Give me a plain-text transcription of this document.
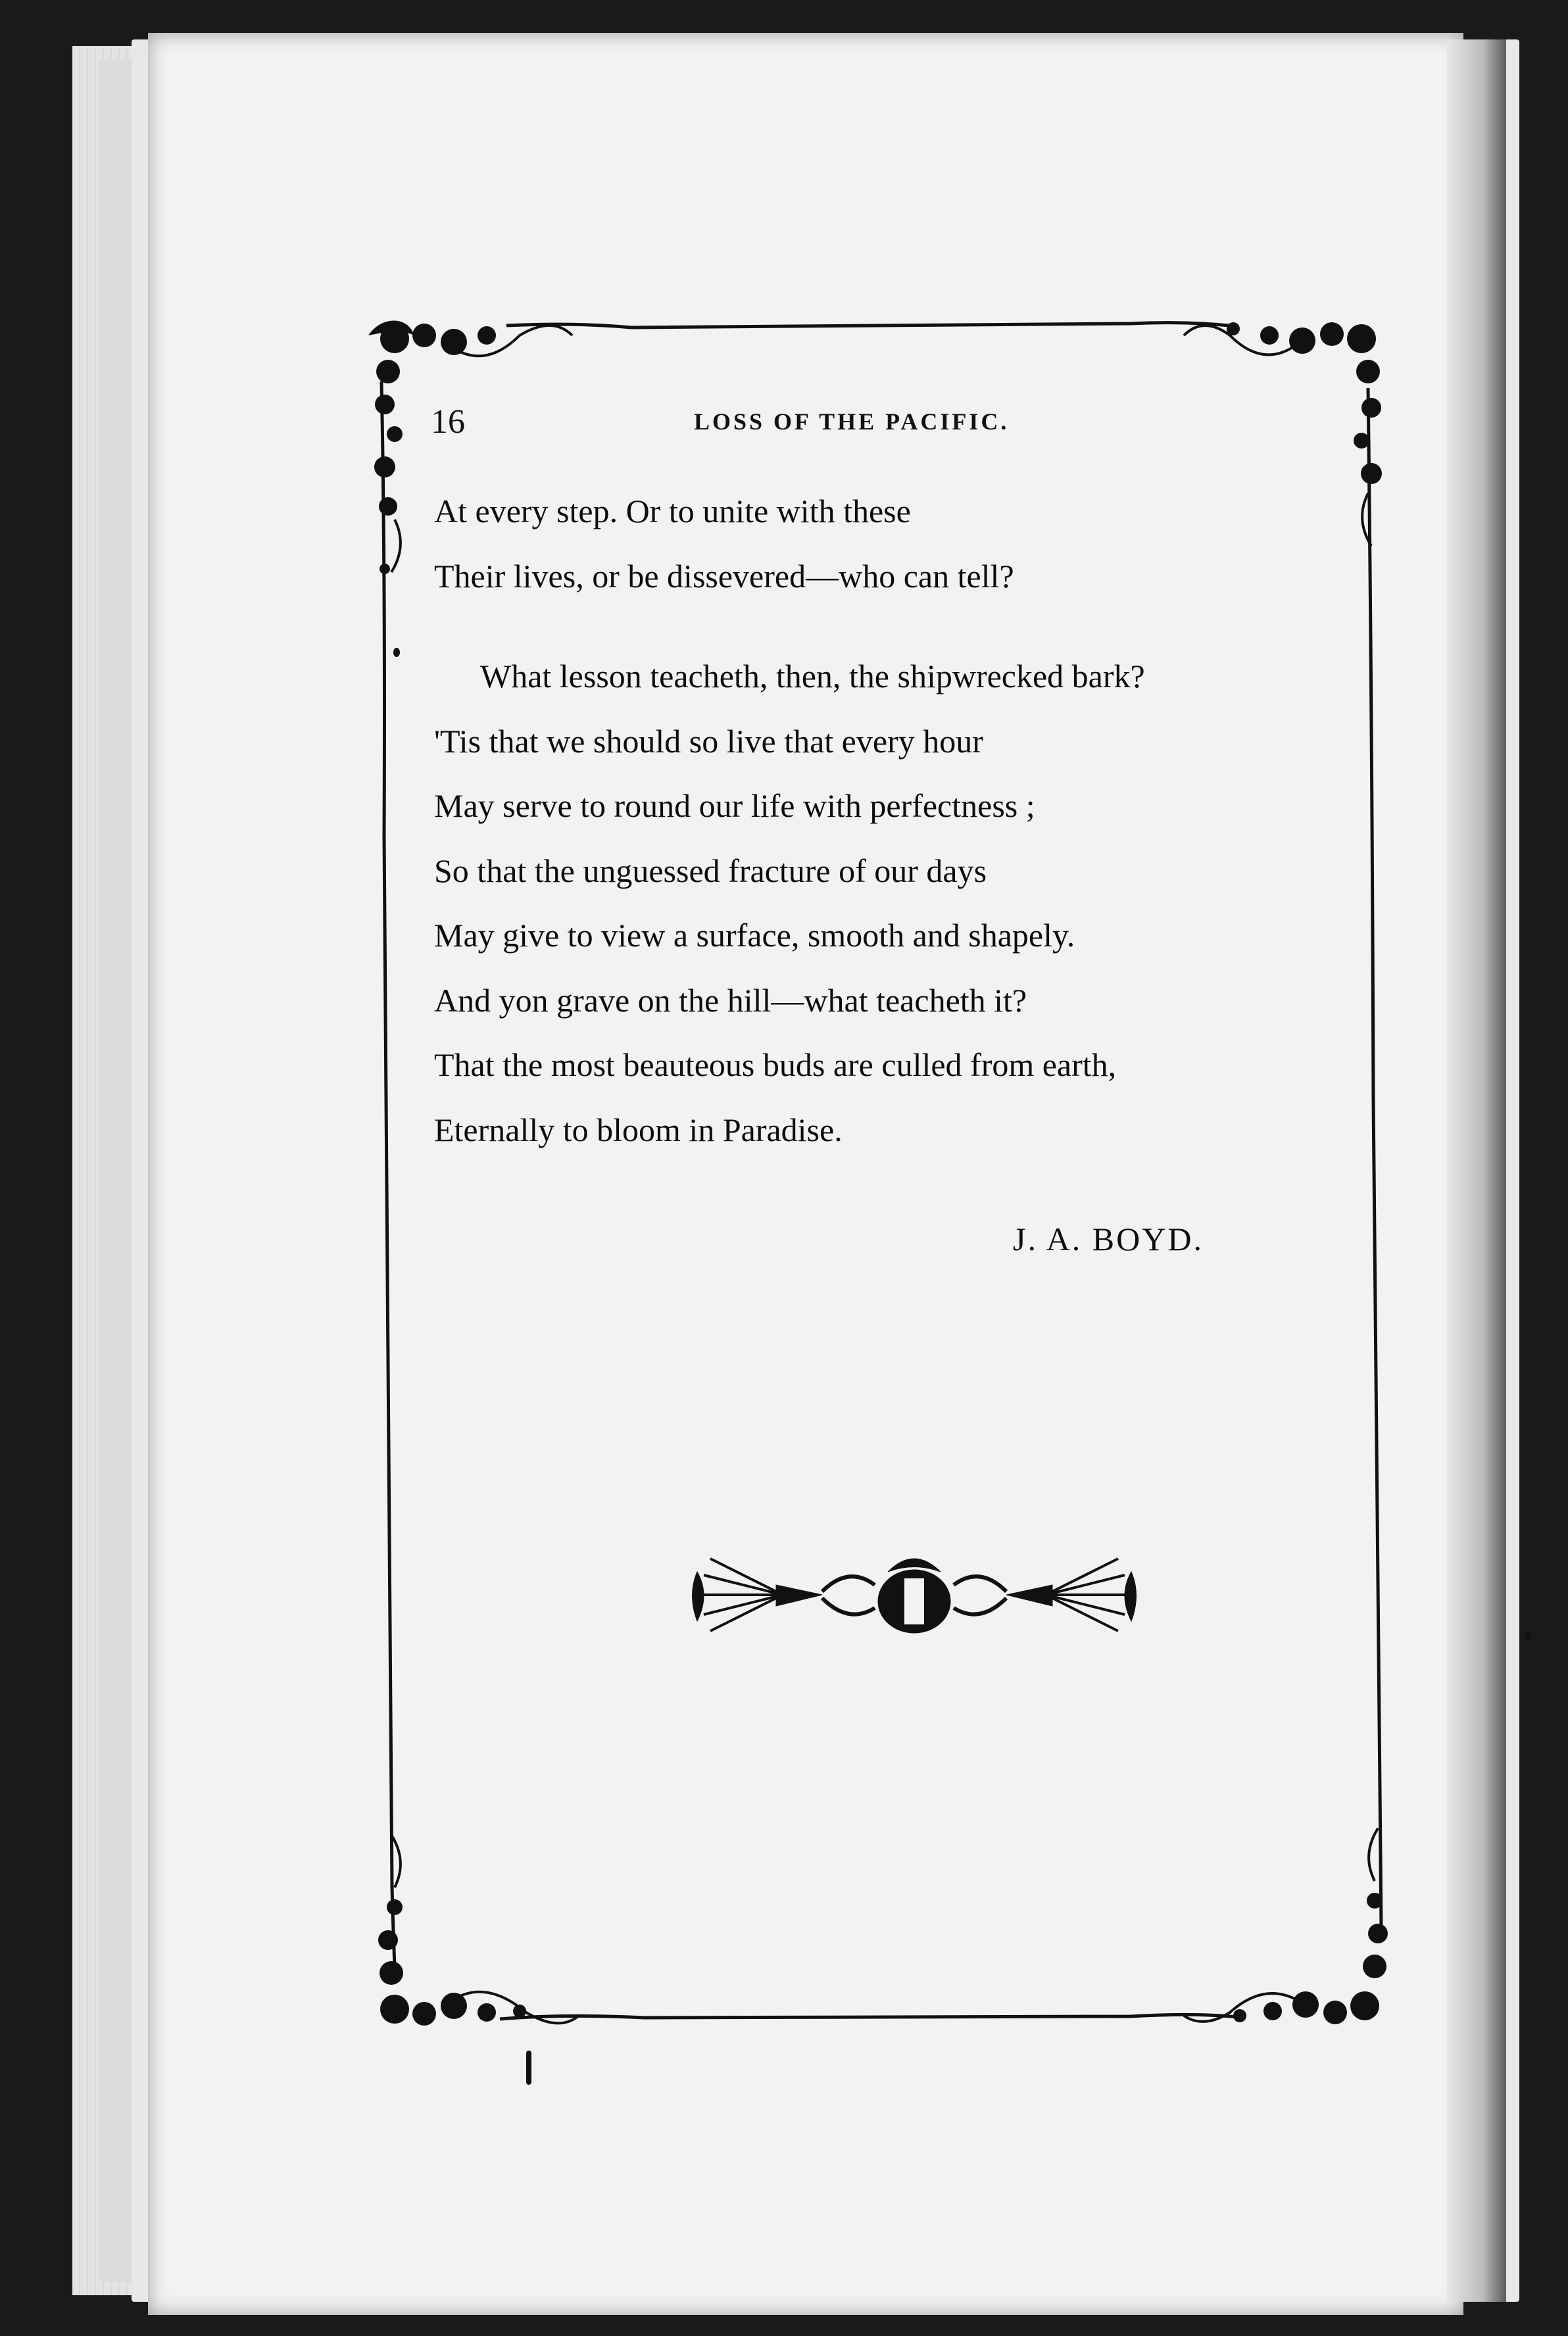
16	LOSS OF THE PACIFIC.
At every step. Or to unite with these
Their lives, or be dissevered—who can tell?
What lesson teacheth, then, the shipwrecked bark?
'Tis that we should so live that every hour
May serve to round our life with perfectness ;
So that the unguessed fracture of our days
May give to view a surface, smooth and shapely.
And yon grave on the hill—what teacheth it?
That the most beauteous buds are culled from earth,
Eternally to bloom in Paradise.
J. A. BOYD.
